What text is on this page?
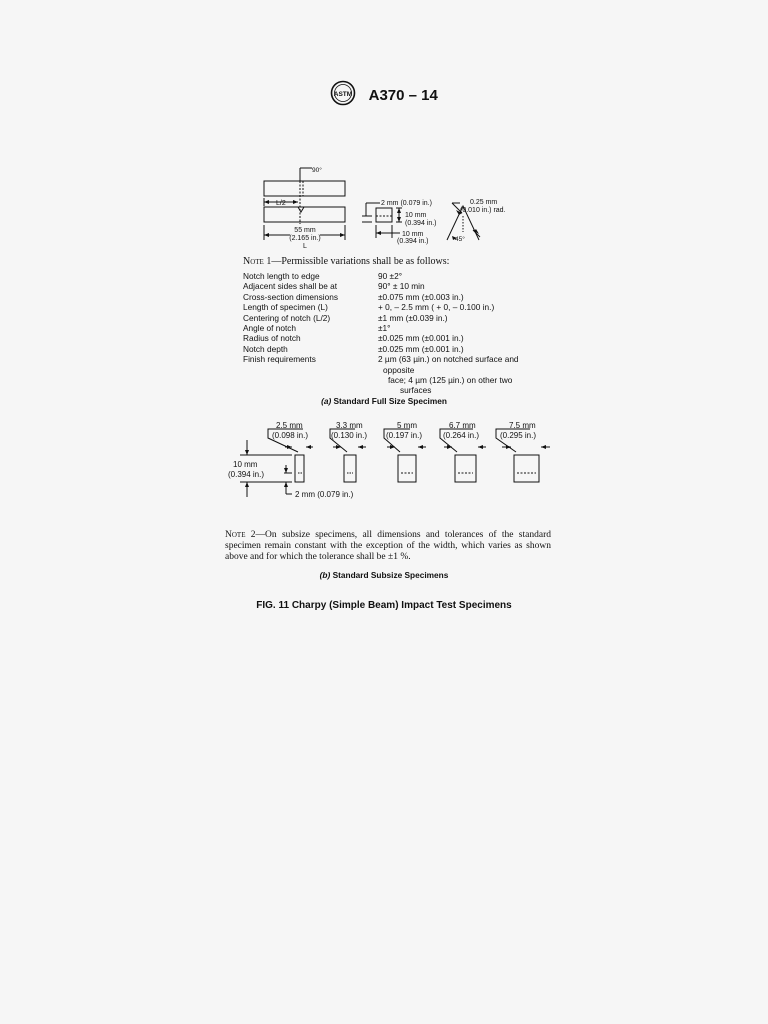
ASTM A370 – 14
90°
L/2
55 mm
(2.165 in.)
L
2 mm (0.079 in.)
10 mm
(0.394 in.)
10 mm
(0.394 in.)
0.25 mm
(0.010 in.) rad.
45°
Note 1—Permissible variations shall be as follows:
Notch length to edge	90 ±2°
Adjacent sides shall be at	90° ± 10 min
Cross-section dimensions	±0.075 mm (±0.003 in.)
Length of specimen (L)	+ 0, – 2.5 mm ( + 0, – 0.100 in.)
Centering of notch (L/2)	±1 mm (±0.039 in.)
Angle of notch	±1°
Radius of notch	±0.025 mm (±0.001 in.)
Notch depth	±0.025 mm (±0.001 in.)
Finish requirements	2 µm (63 µin.) on notched surface and
opposite
face; 4 µm (125 µin.) on other two
surfaces
(a) Standard Full Size Specimen
2.5 mm
(0.098 in.)
3.3 mm
(0.130 in.)
5 mm
(0.197 in.)
6.7 mm
(0.264 in.)
7.5 mm
(0.295 in.)
10 mm
(0.394 in.)
2 mm (0.079 in.)
Note 2—On subsize specimens, all dimensions and tolerances of the standard specimen remain constant with the exception of the width, which varies as shown above and for which the tolerance shall be ±1 %.
(b) Standard Subsize Specimens
FIG. 11 Charpy (Simple Beam) Impact Test Specimens
